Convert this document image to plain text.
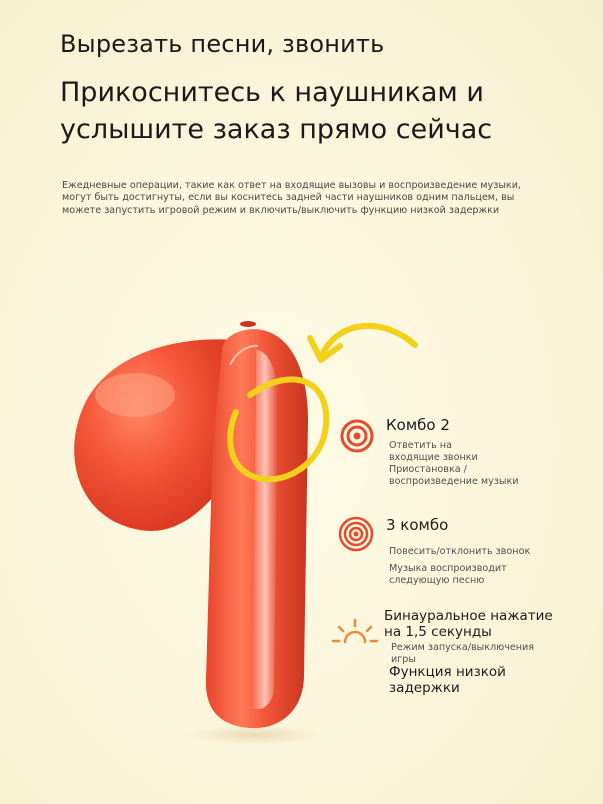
Вырезать песни, звонить
Прикоснитесь к наушникам и
услышите заказ прямо сейчас

Ежедневные операции, такие как ответ на входящие вызовы и воспроизведение музыки,
могут быть достигнуты, если вы коснитесь задней части наушников одним пальцем, вы
можете запустить игровой режим и включить/выключить функцию низкой задержки

Комбо 2

Ответить на
входящие звонки
Приостановка /
воспроизведение музыки

3 комбо

Повесить/отклонить звонок

Музыка воспроизводит
следующую песню

Бинауральное нажатие
на 1,5 секунды

Режим запуска/выключения
игры

Функция низкой
задержки
